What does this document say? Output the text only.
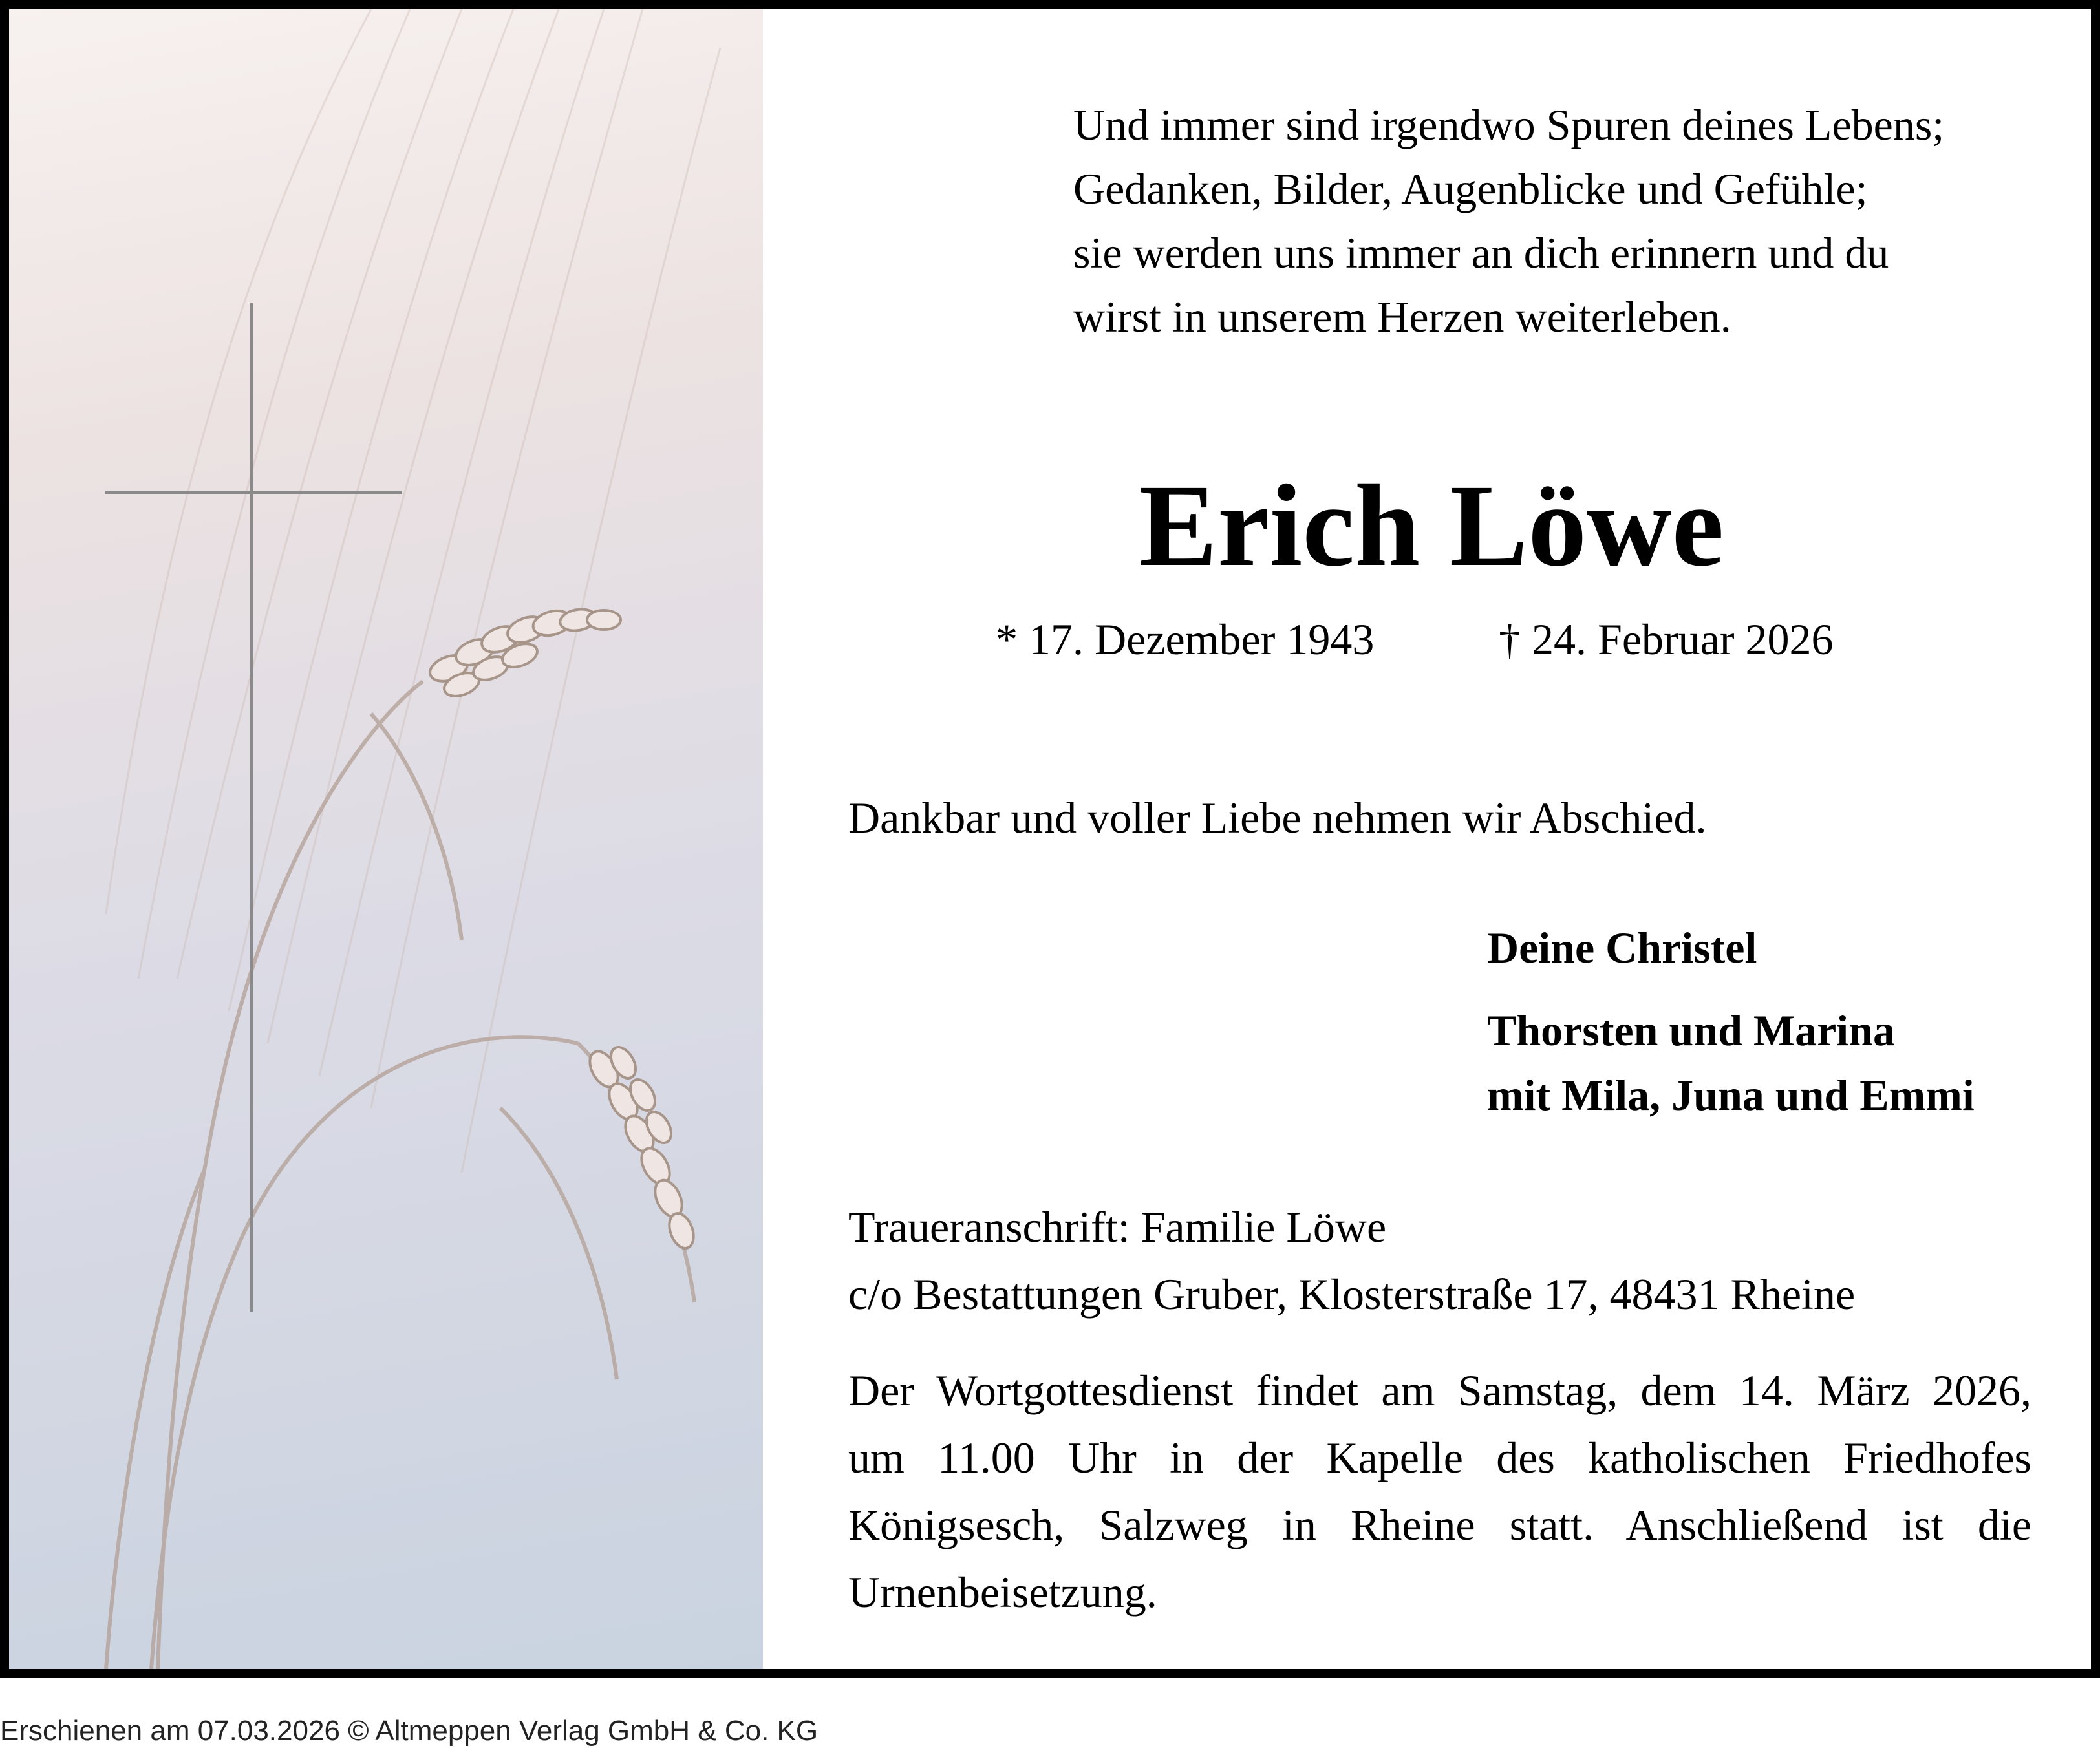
Und immer sind irgendwo Spuren deines Lebens;
Gedanken, Bilder, Augenblicke und Gefühle;
sie werden uns immer an dich erinnern und du
wirst in unserem Herzen weiterleben.
Erich Löwe
* 17. Dezember 1943	† 24. Februar 2026
Dankbar und voller Liebe nehmen wir Abschied.
Deine Christel
Thorsten und Marina
mit Mila, Juna und Emmi
Traueranschrift: Familie Löwe
c/o Bestattungen Gruber, Klosterstraße 17, 48431 Rheine
Der Wortgottesdienst findet am Samstag, dem 14. März 2026,
um 11.00 Uhr in der Kapelle des katholischen Friedhofes
Königsesch, Salzweg in Rheine statt. Anschließend ist die
Urnenbeisetzung.
Erschienen am 07.03.2026 © Altmeppen Verlag GmbH & Co. KG
